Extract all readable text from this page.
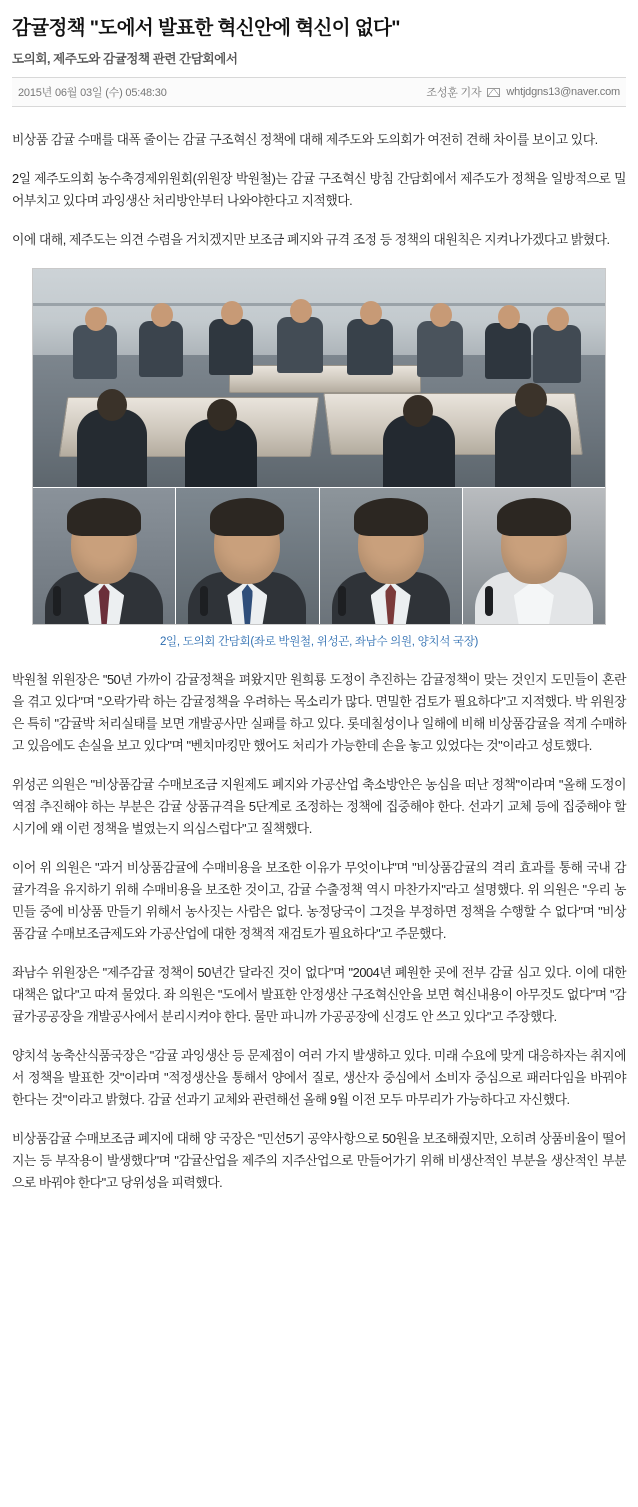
감귤정책 "도에서 발표한 혁신안에 혁신이 없다"
도의회, 제주도와 감귤정책 관련 간담회에서
2015년 06월 03일 (수) 05:48:30	조성훈 기자 whtjdgns13@naver.com

비상품 감귤 수매를 대폭 줄이는 감귤 구조혁신 정책에 대해 제주도와 도의회가 여전히 견해 차이를 보이고 있다.

2일 제주도의회 농수축경제위원회(위원장 박원철)는 감귤 구조혁신 방침 간담회에서 제주도가 정책을 일방적으로 밀어부치고 있다며 과잉생산 처리방안부터 나와야한다고 지적했다.

이에 대해, 제주도는 의견 수렴을 거치겠지만 보조금 폐지와 규격 조정 등 정책의 대원칙은 지켜나가겠다고 밝혔다.

2일, 도의회 간담회(좌로 박원철, 위성곤, 좌남수 의원, 양치석 국장)

박원철 위원장은 "50년 가까이 감귤정책을 펴왔지만 원희룡 도정이 추진하는 감귤정책이 맞는 것인지 도민들이 혼란을 겪고 있다"며 "오락가락 하는 감귤정책을 우려하는 목소리가 많다. 면밀한 검토가 필요하다"고 지적했다. 박 위원장은 특히 "감귤박 처리실태를 보면 개발공사만 실패를 하고 있다. 롯데칠성이나 일해에 비해 비상품감귤을 적게 수매하고 있음에도 손실을 보고 있다"며 "벤치마킹만 했어도 처리가 가능한데 손을 놓고 있었다는 것"이라고 성토했다.

위성곤 의원은 "비상품감귤 수매보조금 지원제도 폐지와 가공산업 축소방안은 농심을 떠난 정책"이라며 "올해 도정이 역점 추진해야 하는 부분은 감귤 상품규격을 5단계로 조정하는 정책에 집중해야 한다. 선과기 교체 등에 집중해야 할 시기에 왜 이런 정책을 벌였는지 의심스럽다"고 질책했다.

이어 위 의원은 "과거 비상품감귤에 수매비용을 보조한 이유가 무엇이냐"며 "비상품감귤의 격리 효과를 통해 국내 감귤가격을 유지하기 위해 수매비용을 보조한 것이고, 감귤 수출정책 역시 마찬가지"라고 설명했다. 위 의원은 "우리 농민들 중에 비상품 만들기 위해서 농사짓는 사람은 없다. 농정당국이 그것을 부정하면 정책을 수행할 수 없다"며 "비상품감귤 수매보조금제도와 가공산업에 대한 정책적 재검토가 필요하다"고 주문했다.

좌남수 위원장은 "제주감귤 정책이 50년간 달라진 것이 없다"며 "2004년 폐원한 곳에 전부 감귤 심고 있다. 이에 대한 대책은 없다"고 따져 물었다. 좌 의원은 "도에서 발표한 안정생산 구조혁신안을 보면 혁신내용이 아무것도 없다"며 "감귤가공공장을 개발공사에서 분리시켜야 한다. 물만 파니까 가공공장에 신경도 안 쓰고 있다"고 주장했다.

양치석 농축산식품국장은 "감귤 과잉생산 등 문제점이 여러 가지 발생하고 있다. 미래 수요에 맞게 대응하자는 취지에서 정책을 발표한 것"이라며 "적정생산을 통해서 양에서 질로, 생산자 중심에서 소비자 중심으로 패러다임을 바꿔야 한다는 것"이라고 밝혔다. 감귤 선과기 교체와 관련해선 올해 9월 이전 모두 마무리가 가능하다고 자신했다.

비상품감귤 수매보조금 폐지에 대해 양 국장은 "민선5기 공약사항으로 50원을 보조해줬지만, 오히려 상품비율이 떨어지는 등 부작용이 발생했다"며 "감귤산업을 제주의 지주산업으로 만들어가기 위해 비생산적인 부분을 생산적인 부분으로 바꿔야 한다"고 당위성을 피력했다.
